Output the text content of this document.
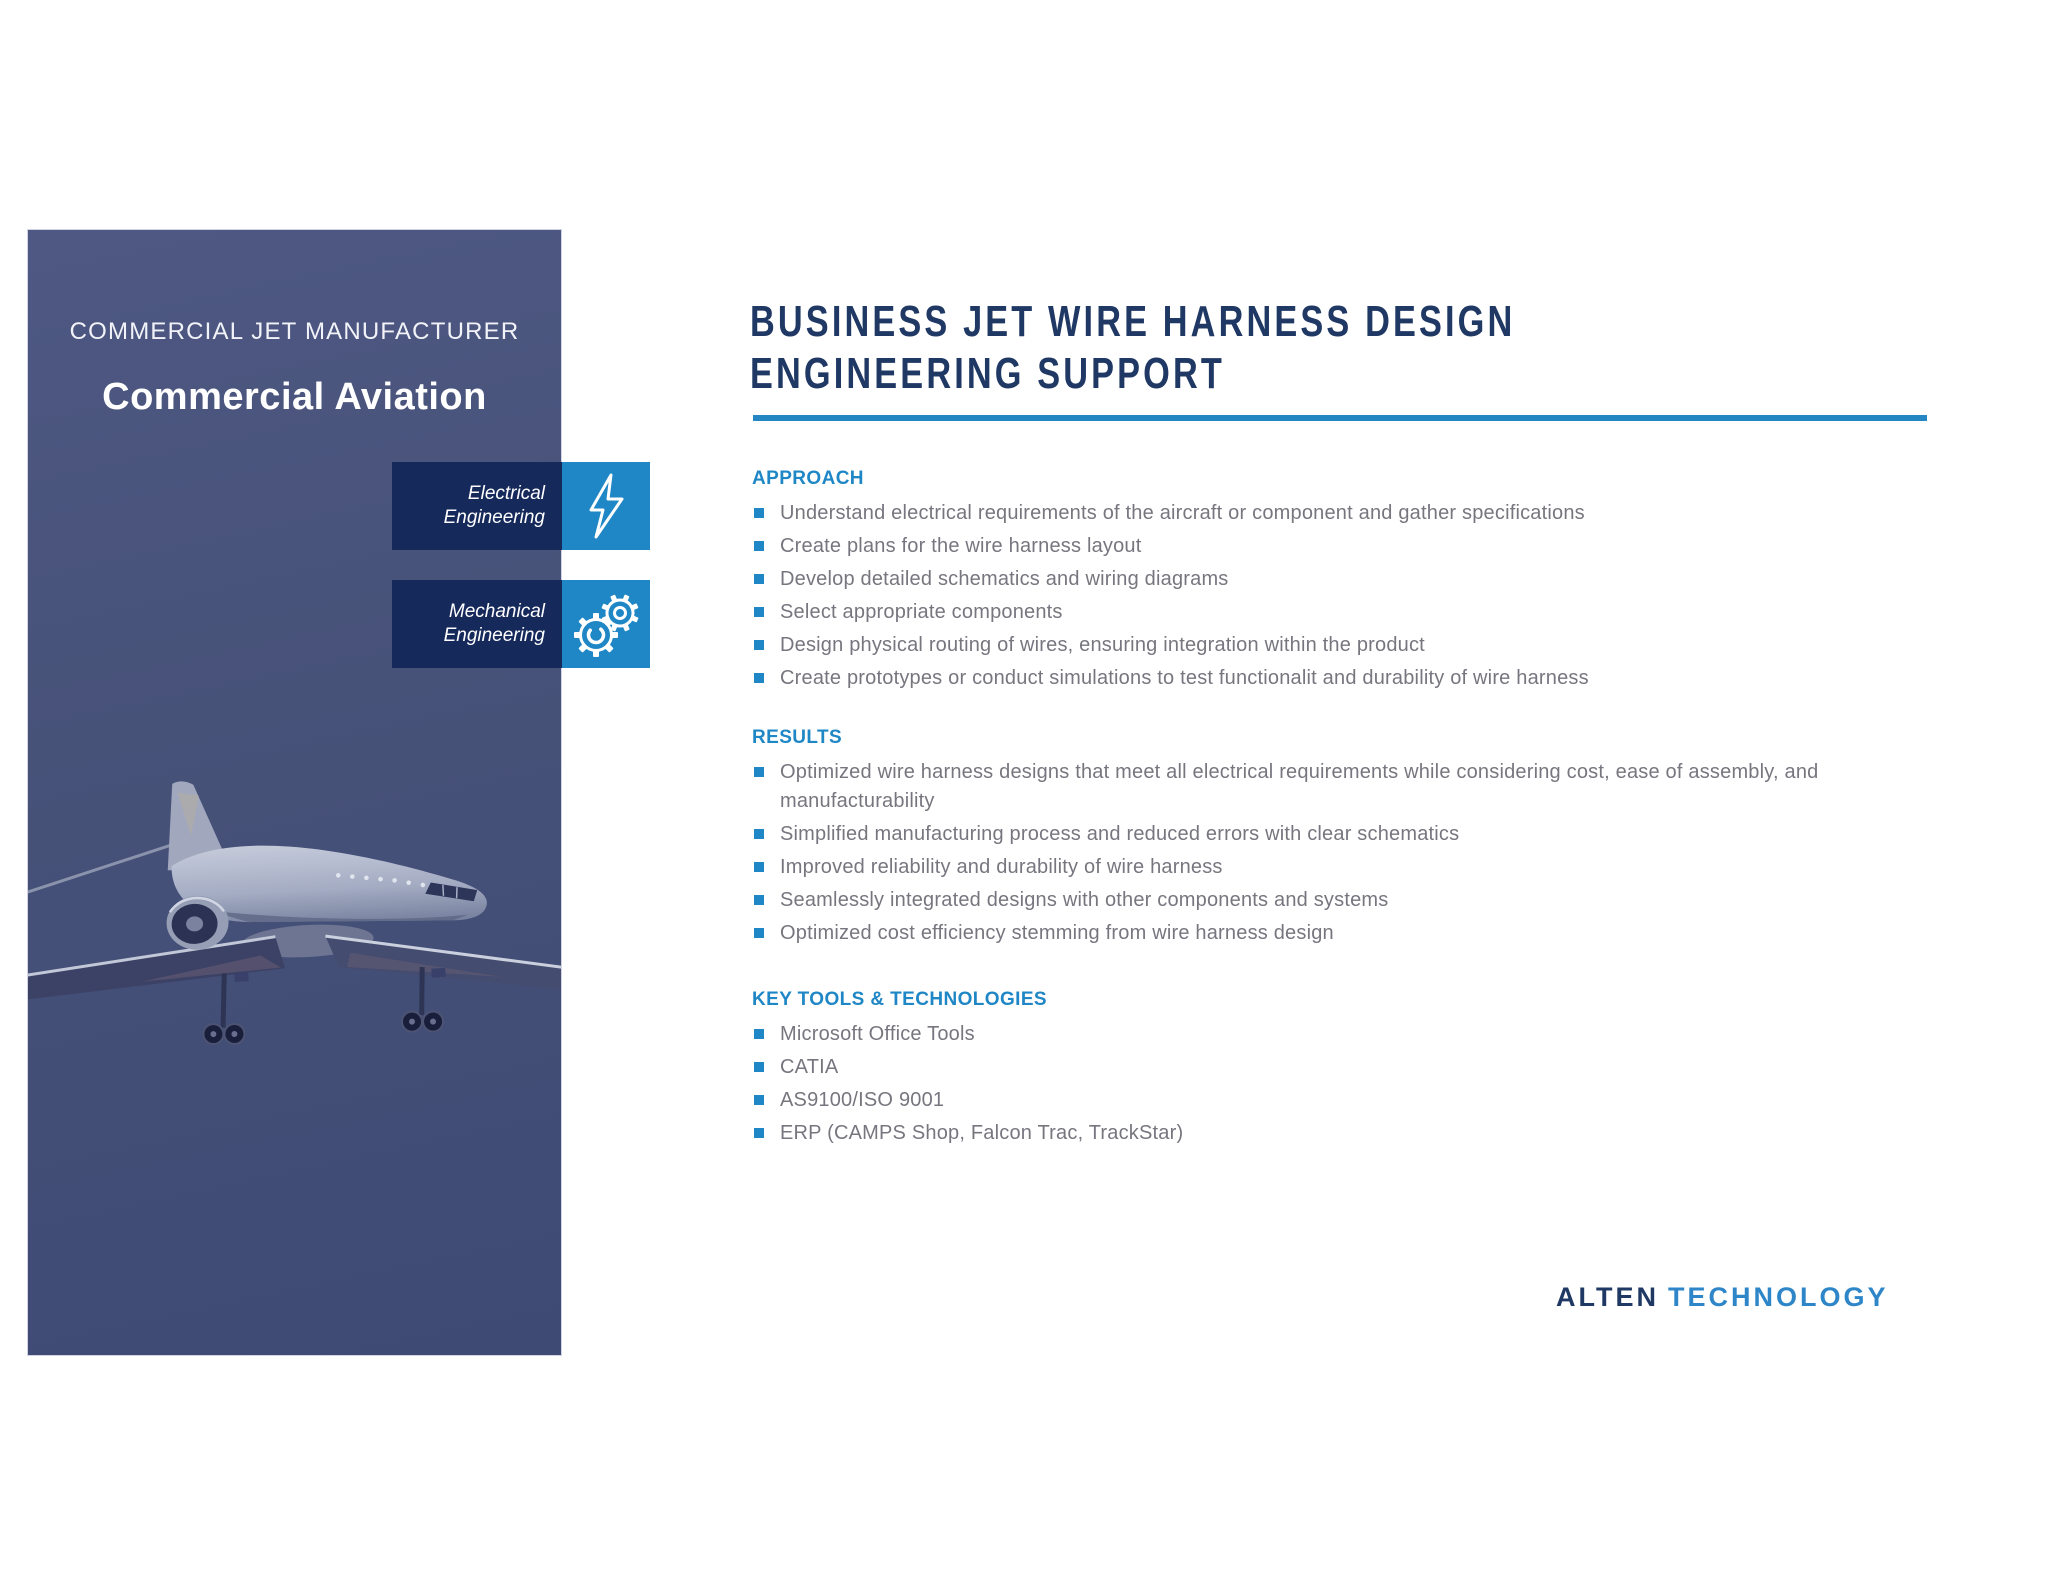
COMMERCIAL JET MANUFACTURER
Commercial Aviation
Electrical
Engineering
Mechanical
Engineering
BUSINESS JET WIRE HARNESS DESIGN
ENGINEERING SUPPORT
APPROACH
Understand electrical requirements of the aircraft or component and gather specifications
Create plans for the wire harness layout
Develop detailed schematics and wiring diagrams
Select appropriate components
Design physical routing of wires, ensuring integration within the product
Create prototypes or conduct simulations to test functionalit and durability of wire harness
RESULTS
Optimized wire harness designs that meet all electrical requirements while considering cost, ease of assembly, and manufacturability
Simplified manufacturing process and reduced errors with clear schematics
Improved reliability and durability of wire harness
Seamlessly integrated designs with other components and systems
Optimized cost efficiency stemming from wire harness design
KEY TOOLS & TECHNOLOGIES
Microsoft Office Tools
CATIA
AS9100/ISO 9001
ERP (CAMPS Shop, Falcon Trac, TrackStar)
ALTEN TECHNOLOGY
